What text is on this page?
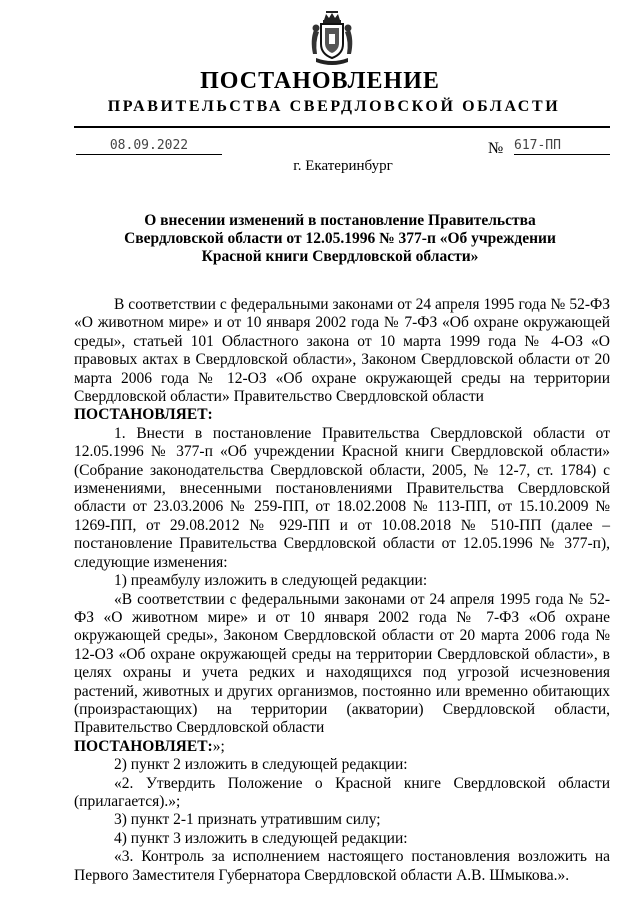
ПОСТАНОВЛЕНИЕ
ПРАВИТЕЛЬСТВА СВЕРДЛОВСКОЙ ОБЛАСТИ
08.09.2022	№ 617-ПП
г. Екатеринбург
О внесении изменений в постановление Правительства
Свердловской области от 12.05.1996 № 377-п «Об учреждении
Красной книги Свердловской области»

В соответствии с федеральными законами от 24 апреля 1995 года № 52-ФЗ «О животном мире» и от 10 января 2002 года № 7-ФЗ «Об охране окружающей среды», статьей 101 Областного закона от 10 марта 1999 года № 4-ОЗ «О правовых актах в Свердловской области», Законом Свердловской области от 20 марта 2006 года № 12-ОЗ «Об охране окружающей среды на территории Свердловской области» Правительство Свердловской области

ПОСТАНОВЛЯЕТ:

1. Внести в постановление Правительства Свердловской области от 12.05.1996 № 377-п «Об учреждении Красной книги Свердловской области» (Собрание законодательства Свердловской области, 2005, № 12-7, ст. 1784) с изменениями, внесенными постановлениями Правительства Свердловской области от 23.03.2006 № 259-ПП, от 18.02.2008 № 113-ПП, от 15.10.2009 № 1269-ПП, от 29.08.2012 № 929-ПП и от 10.08.2018 № 510-ПП (далее – постановление Правительства Свердловской области от 12.05.1996 № 377-п), следующие изменения:

1) преамбулу изложить в следующей редакции:

«В соответствии с федеральными законами от 24 апреля 1995 года № 52-ФЗ «О животном мире» и от 10 января 2002 года № 7-ФЗ «Об охране окружающей среды», Законом Свердловской области от 20 марта 2006 года № 12-ОЗ «Об охране окружающей среды на территории Свердловской области», в целях охраны и учета редких и находящихся под угрозой исчезновения растений, животных и других организмов, постоянно или временно обитающих (произрастающих) на территории (акватории) Свердловской области, Правительство Свердловской области

ПОСТАНОВЛЯЕТ:»;

2) пункт 2 изложить в следующей редакции:

«2. Утвердить Положение о Красной книге Свердловской области (прилагается).»;

3) пункт 2-1 признать утратившим силу;

4) пункт 3 изложить в следующей редакции:

«3. Контроль за исполнением настоящего постановления возложить на Первого Заместителя Губернатора Свердловской области А.В. Шмыкова.».
